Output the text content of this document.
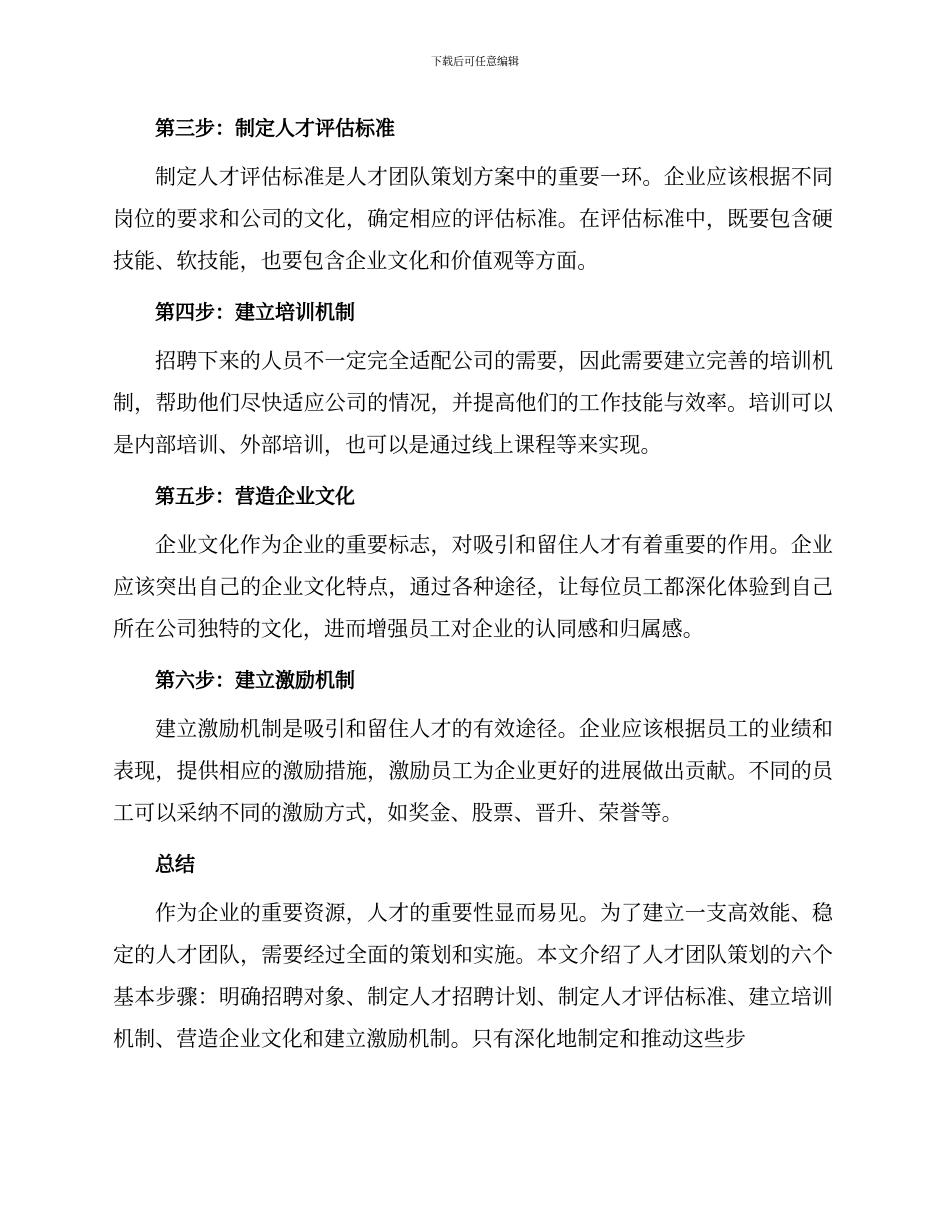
下载后可任意编辑
第三步：制定人才评估标准

制定人才评估标准是人才团队策划方案中的重要一环。企业应该根据不同岗位的要求和公司的文化，确定相应的评估标准。在评估标准中，既要包含硬技能、软技能，也要包含企业文化和价值观等方面。

第四步：建立培训机制

招聘下来的人员不一定完全适配公司的需要，因此需要建立完善的培训机制，帮助他们尽快适应公司的情况，并提高他们的工作技能与效率。培训可以是内部培训、外部培训，也可以是通过线上课程等来实现。

第五步：营造企业文化

企业文化作为企业的重要标志，对吸引和留住人才有着重要的作用。企业应该突出自己的企业文化特点，通过各种途径，让每位员工都深化体验到自己所在公司独特的文化，进而增强员工对企业的认同感和归属感。

第六步：建立激励机制

建立激励机制是吸引和留住人才的有效途径。企业应该根据员工的业绩和表现，提供相应的激励措施，激励员工为企业更好的进展做出贡献。不同的员工可以采纳不同的激励方式，如奖金、股票、晋升、荣誉等。

总结

作为企业的重要资源，人才的重要性显而易见。为了建立一支高效能、稳定的人才团队，需要经过全面的策划和实施。本文介绍了人才团队策划的六个基本步骤：明确招聘对象、制定人才招聘计划、制定人才评估标准、建立培训机制、营造企业文化和建立激励机制。只有深化地制定和推动这些步
